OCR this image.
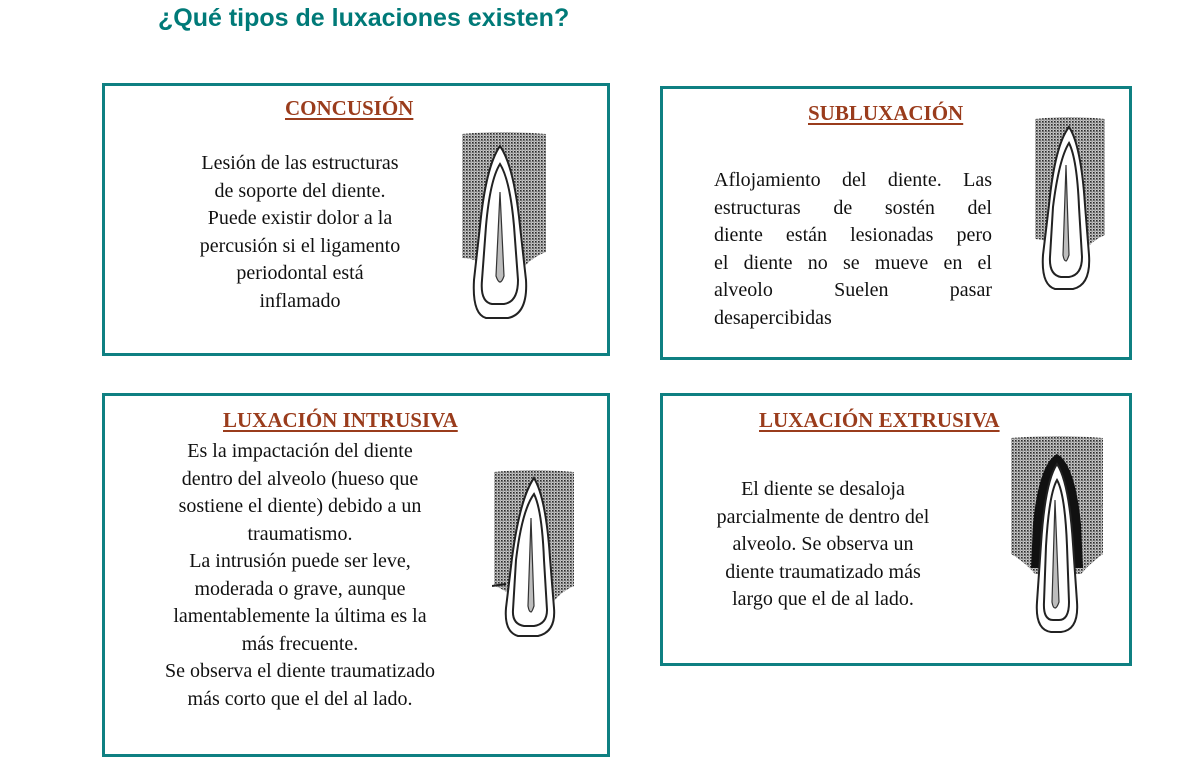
¿Qué tipos de luxaciones existen?
CONCUSIÓN
Lesión de las estructuras
de soporte del diente.
Puede existir dolor a la
percusión si el ligamento
periodontal está
inflamado
SUBLUXACIÓN

Aflojamiento del diente. Las

estructuras de sostén del

diente están lesionadas pero

el diente no se mueve en el

alveolo Suelen pasar

desapercibidas

LUXACIÓN INTRUSIVA
Es la impactación del diente
dentro del alveolo (hueso que
sostiene el diente) debido a un
traumatismo.
La intrusión puede ser leve,
moderada o grave, aunque
lamentablemente la última es la
más frecuente.
Se observa el diente traumatizado
más corto que el del al lado.
LUXACIÓN EXTRUSIVA
El diente se desaloja
parcialmente de dentro del
alveolo. Se observa un
diente traumatizado más
largo que el de al lado.
